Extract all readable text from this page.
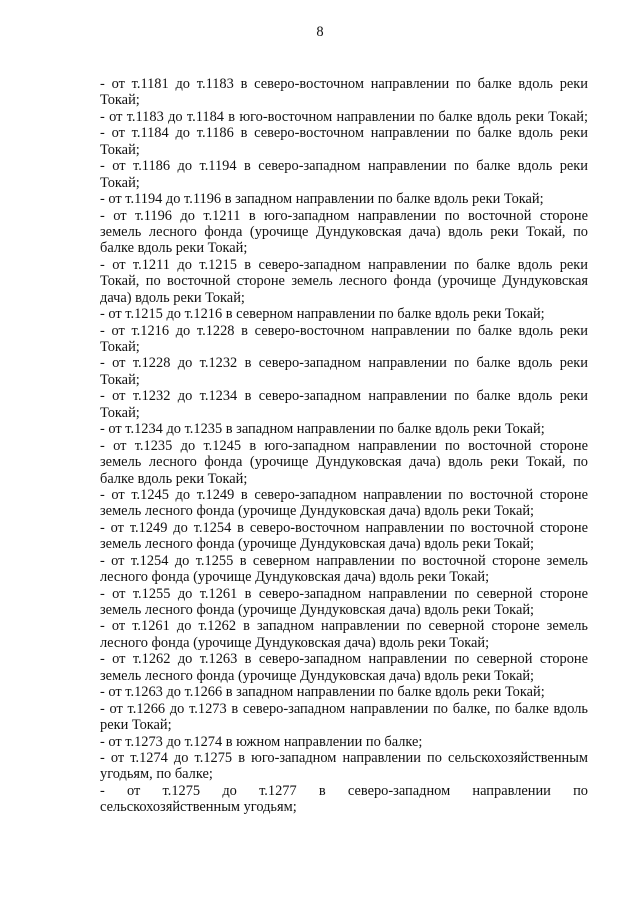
8
- от т.1181 до т.1183 в северо-восточном направлении по балке вдоль реки
Токай;
- от т.1183 до т.1184 в юго-восточном направлении по балке вдоль реки Токай;
- от т.1184 до т.1186 в северо-восточном направлении по балке вдоль реки
Токай;
- от т.1186 до т.1194 в северо-западном направлении по балке вдоль реки
Токай;
- от т.1194 до т.1196 в западном направлении по балке вдоль реки Токай;
- от т.1196 до т.1211 в юго-западном направлении по восточной стороне
земель лесного фонда (урочище Дундуковская дача) вдоль реки Токай, по
балке вдоль реки Токай;
- от т.1211 до т.1215 в северо-западном направлении по балке вдоль реки
Токай, по восточной стороне земель лесного фонда (урочище Дундуковская
дача) вдоль реки Токай;
- от т.1215 до т.1216 в северном направлении по балке вдоль реки Токай;
- от т.1216 до т.1228 в северо-восточном направлении по балке вдоль реки
Токай;
- от т.1228 до т.1232 в северо-западном направлении по балке вдоль реки
Токай;
- от т.1232 до т.1234 в северо-западном направлении по балке вдоль реки
Токай;
- от т.1234 до т.1235 в западном направлении по балке вдоль реки Токай;
- от т.1235 до т.1245 в юго-западном направлении по восточной стороне
земель лесного фонда (урочище Дундуковская дача) вдоль реки Токай, по
балке вдоль реки Токай;
- от т.1245 до т.1249 в северо-западном направлении по восточной стороне
земель лесного фонда (урочище Дундуковская дача) вдоль реки Токай;
- от т.1249 до т.1254 в северо-восточном направлении по восточной стороне
земель лесного фонда (урочище Дундуковская дача) вдоль реки Токай;
- от т.1254 до т.1255 в северном направлении по восточной стороне земель
лесного фонда (урочище Дундуковская дача) вдоль реки Токай;
- от т.1255 до т.1261 в северо-западном направлении по северной стороне
земель лесного фонда (урочище Дундуковская дача) вдоль реки Токай;
- от т.1261 до т.1262 в западном направлении по северной стороне земель
лесного фонда (урочище Дундуковская дача) вдоль реки Токай;
- от т.1262 до т.1263 в северо-западном направлении по северной стороне
земель лесного фонда (урочище Дундуковская дача) вдоль реки Токай;
- от т.1263 до т.1266 в западном направлении по балке вдоль реки Токай;
- от т.1266 до т.1273 в северо-западном направлении по балке, по балке вдоль
реки Токай;
- от т.1273 до т.1274 в южном направлении по балке;
- от т.1274 до т.1275 в юго-западном направлении по сельскохозяйственным
угодьям, по балке;
- от т.1275 до т.1277 в северо-западном направлении по
сельскохозяйственным угодьям;
